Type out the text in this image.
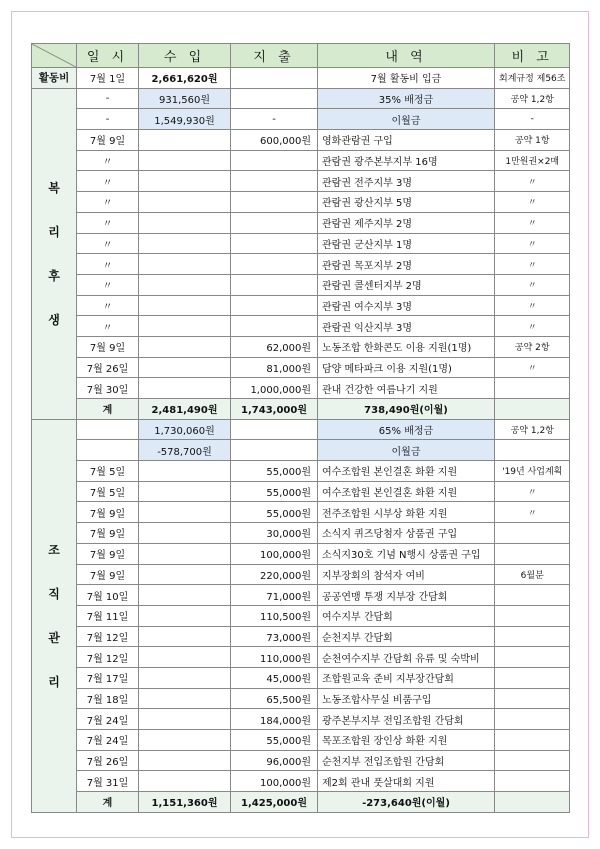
	일 시	수 입	지 출	내 역	비 고
활동비	7월 1일	2,661,620원		7월 활동비 입금	회계규정 제56조

복
리
후
생	-	931,560원		35% 배정금	공약 1,2항
	-	1,549,930원	-	이월금	-
	7월 9일		600,000원	영화관람권 구입	공약 1항
	〃			관람권 광주본부지부 16명	1만원권×2매
	〃			관람권 전주지부 3명	〃
	〃			관람권 광산지부 5명	〃
	〃			관람권 제주지부 2명	〃
	〃			관람권 군산지부 1명	〃
	〃			관람권 목포지부 2명	〃
	〃			관람권 콜센터지부 2명	〃
	〃			관람권 여수지부 3명	〃
	〃			관람권 익산지부 3명	〃
	7월 9일		62,000원	노동조합 한화콘도 이용 지원(1명)	공약 2항
	7월 26일		81,000원	담양 메타파크 이용 지원(1명)	〃
	7월 30일		1,000,000원	관내 건강한 여름나기 지원	
	계	2,481,490원	1,743,000원	738,490원(이월)	

조
직
관
리		1,730,060원		65% 배정금	공약 1,2항
		-578,700원		이월금	
	7월 5일		55,000원	여수조합원 본인결혼 화환 지원	'19년 사업계획
	7월 5일		55,000원	여수조합원 본인결혼 화환 지원	〃
	7월 9일		55,000원	전주조합원 시부상 화환 지원	〃
	7월 9일		30,000원	소식지 퀴즈당첨자 상품권 구입	
	7월 9일		100,000원	소식지30호 기념 N행시 상품권 구입	
	7월 9일		220,000원	지부장회의 참석자 여비	6월분
	7월 10일		71,000원	공공연맹 투쟁 지부장 간담회	
	7월 11일		110,500원	여수지부 간담회	
	7월 12일		73,000원	순천지부 간담회	
	7월 12일		110,000원	순천여수지부 간담회 유류 및 숙박비	
	7월 17일		45,000원	조합원교육 준비 지부장간담회	
	7월 18일		65,500원	노동조합사무실 비품구입	
	7월 24일		184,000원	광주본부지부 전입조합원 간담회	
	7월 24일		55,000원	목포조합원 장인상 화환 지원	
	7월 26일		96,000원	순천지부 전입조합원 간담회	
	7월 31일		100,000원	제2회 관내 풋살대회 지원	
	계	1,151,360원	1,425,000원	-273,640원(이월)	
